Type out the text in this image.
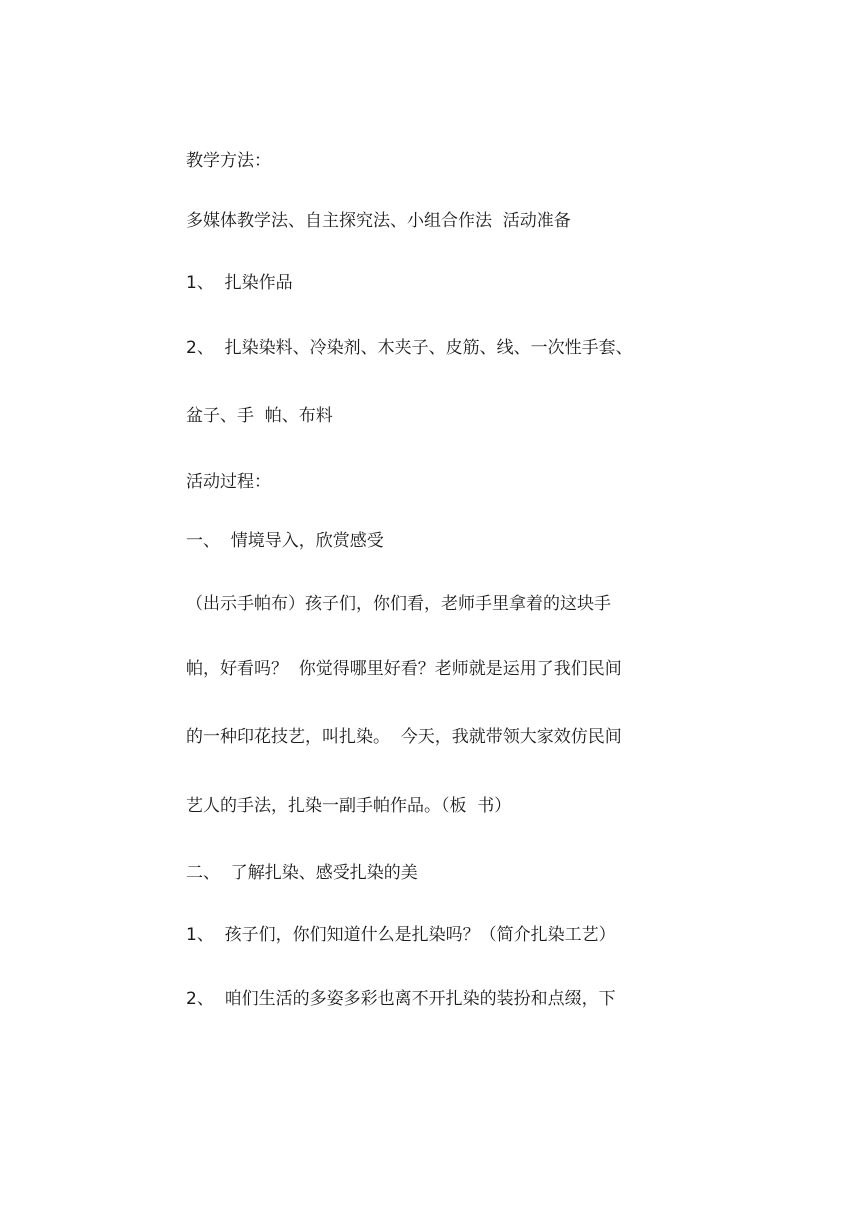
教学方法：
多媒体教学法、自主探究法、小组合作法  活动准备
1、  扎染作品
2、  扎染染料、冷染剂、木夹子、皮筋、线、一次性手套、
盆子、手  帕、布料
活动过程：
一、  情境导入，欣赏感受
（出示手帕布）孩子们，你们看，老师手里拿着的这块手
帕，好看吗？  你觉得哪里好看？老师就是运用了我们民间
的一种印花技艺，叫扎染。  今天，我就带领大家效仿民间
艺人的手法，扎染一副手帕作品。（板  书）
二、  了解扎染、感受扎染的美
1、  孩子们，你们知道什么是扎染吗？（简介扎染工艺）
2、  咱们生活的多姿多彩也离不开扎染的装扮和点缀，下
